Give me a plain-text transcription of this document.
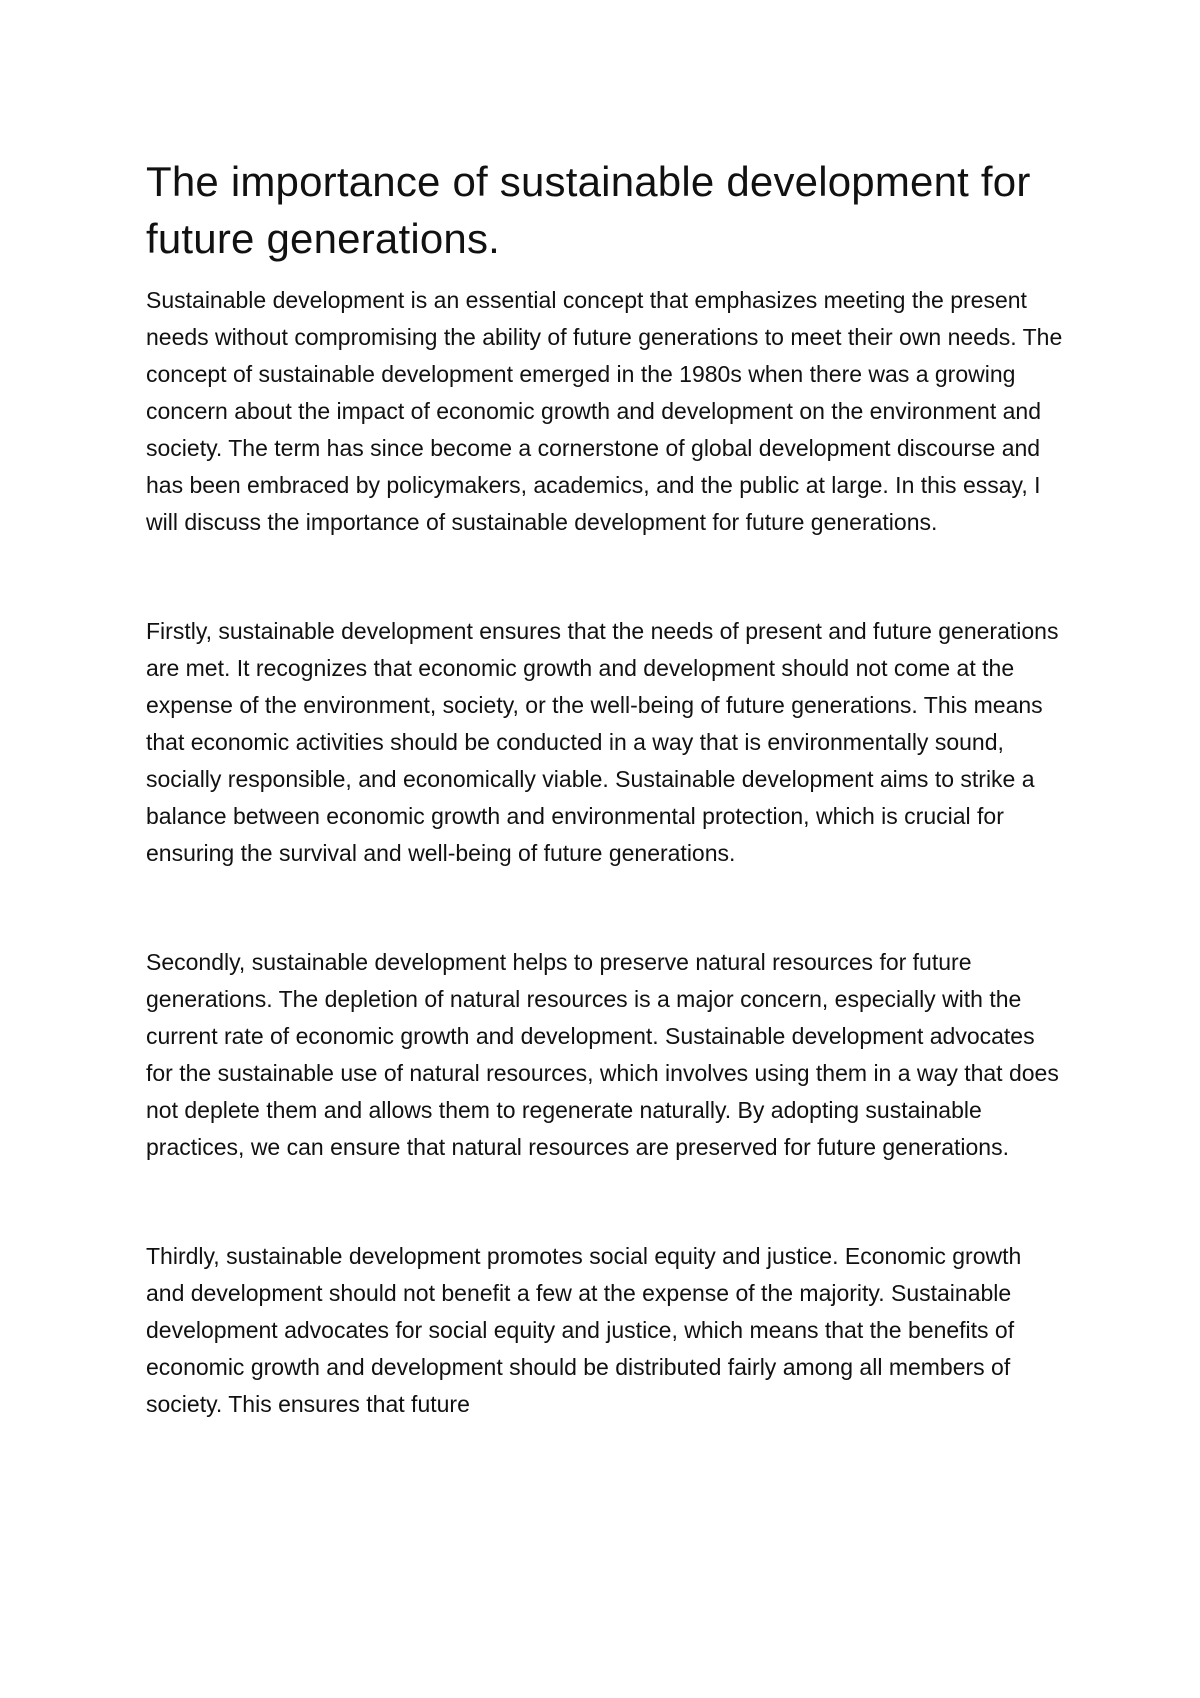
The importance of sustainable development for future generations.

Sustainable development is an essential concept that emphasizes meeting the present needs without compromising the ability of future generations to meet their own needs. The concept of sustainable development emerged in the 1980s when there was a growing concern about the impact of economic growth and development on the environment and society. The term has since become a cornerstone of global development discourse and has been embraced by policymakers, academics, and the public at large. In this essay, I will discuss the importance of sustainable development for future generations.

Firstly, sustainable development ensures that the needs of present and future generations are met. It recognizes that economic growth and development should not come at the expense of the environment, society, or the well-being of future generations. This means that economic activities should be conducted in a way that is environmentally sound, socially responsible, and economically viable. Sustainable development aims to strike a balance between economic growth and environmental protection, which is crucial for ensuring the survival and well-being of future generations.

Secondly, sustainable development helps to preserve natural resources for future generations. The depletion of natural resources is a major concern, especially with the current rate of economic growth and development. Sustainable development advocates for the sustainable use of natural resources, which involves using them in a way that does not deplete them and allows them to regenerate naturally. By adopting sustainable practices, we can ensure that natural resources are preserved for future generations.

Thirdly, sustainable development promotes social equity and justice. Economic growth and development should not benefit a few at the expense of the majority. Sustainable development advocates for social equity and justice, which means that the benefits of economic growth and development should be distributed fairly among all members of society. This ensures that future
